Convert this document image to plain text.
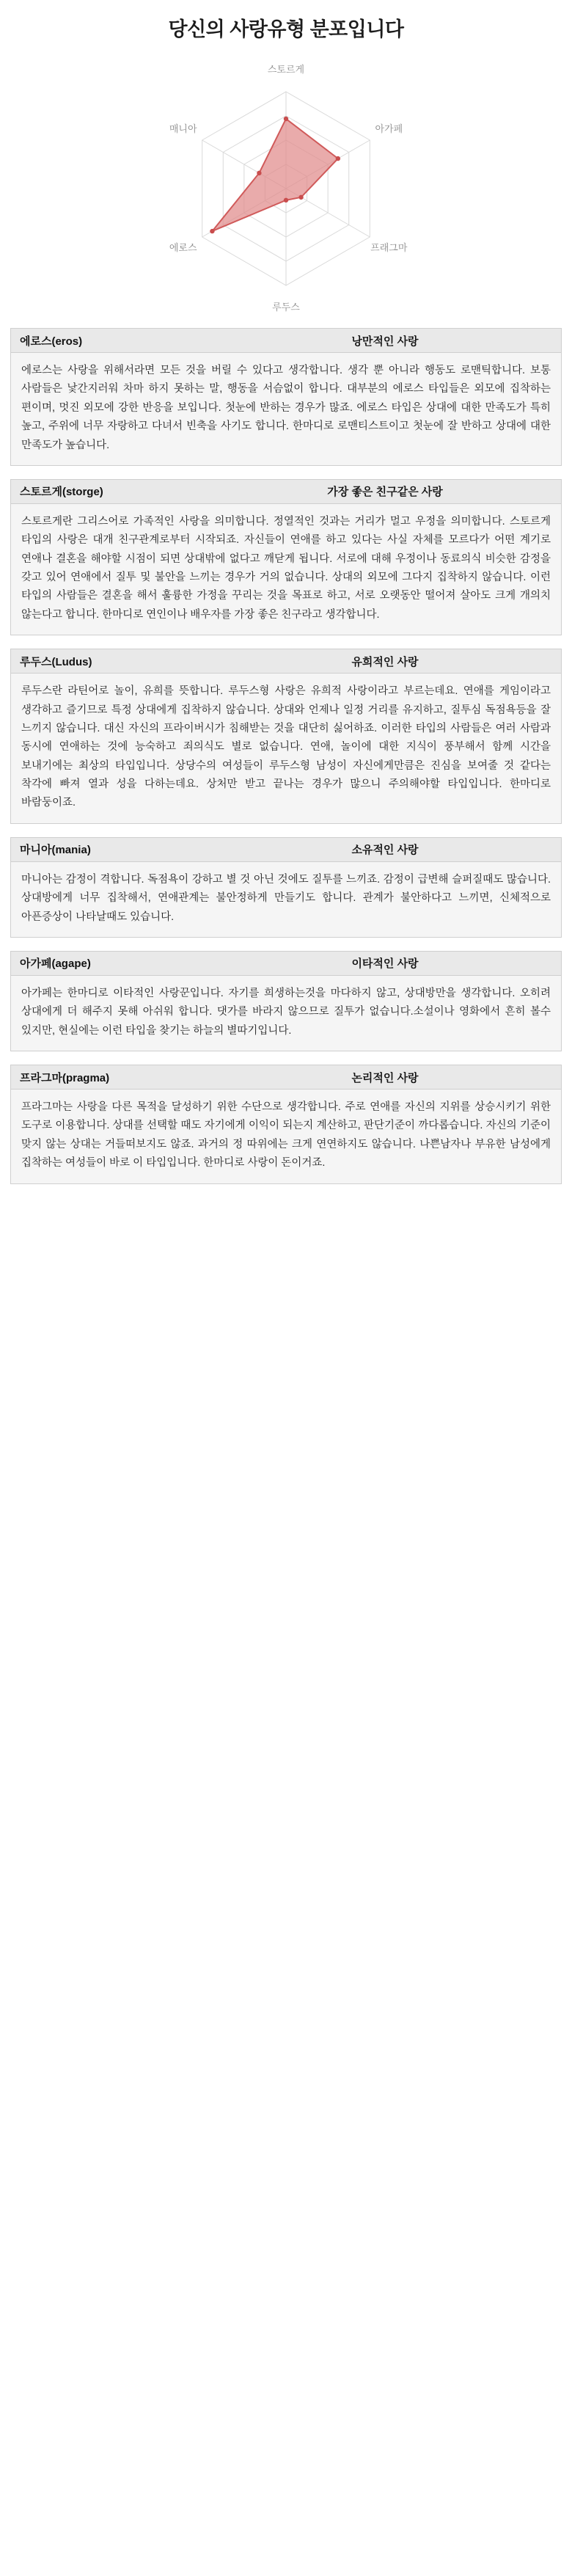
당신의 사랑유형 분포입니다
스토르게
아가페
프래그마
루두스
에로스
매니아
에로스(eros)	낭만적인 사랑
에로스는 사랑을 위해서라면 모든 것을 버릴 수 있다고 생각합니다. 생각 뿐 아니라 행동도 로맨틱합니다. 보통 사람들은 낯간지러워 차마 하지 못하는 말, 행동을 서슴없이 합니다. 대부분의 에로스 타입들은 외모에 집착하는 편이며, 멋진 외모에 강한 반응을 보입니다. 첫눈에 반하는 경우가 많죠. 에로스 타입은 상대에 대한 만족도가 특히 높고, 주위에 너무 자랑하고 다녀서 빈축을 사기도 합니다. 한마디로 로맨티스트이고 첫눈에 잘 반하고 상대에 대한 만족도가 높습니다.
스토르게(storge)	가장 좋은 친구같은 사랑
스토르게란 그리스어로 가족적인 사랑을 의미합니다. 정열적인 것과는 거리가 멀고 우정을 의미합니다. 스토르게 타입의 사랑은 대개 친구관계로부터 시작되죠. 자신들이 연애를 하고 있다는 사실 자체를 모르다가 어떤 계기로 연애나 결혼을 해야할 시점이 되면 상대밖에 없다고 깨닫게 됩니다. 서로에 대해 우정이나 동료의식 비슷한 감정을 갖고 있어 연애에서 질투 및 불안을 느끼는 경우가 거의 없습니다. 상대의 외모에 그다지 집착하지 않습니다. 이런 타입의 사람들은 결혼을 해서 훌륭한 가정을 꾸리는 것을 목표로 하고, 서로 오랫동안 떨어져 살아도 크게 개의치 않는다고 합니다. 한마디로 연인이나 배우자를 가장 좋은 친구라고 생각합니다.
루두스(Ludus)	유희적인 사랑
루두스란 라틴어로 놀이, 유희를 뜻합니다. 루두스형 사랑은 유희적 사랑이라고 부르는데요. 연애를 게임이라고 생각하고 즐기므로 특정 상대에게 집착하지 않습니다. 상대와 언제나 일정 거리를 유지하고, 질투심 독점욕등을 잘 느끼지 않습니다. 대신 자신의 프라이버시가 침해받는 것을 대단히 싫어하죠. 이러한 타입의 사람들은 여러 사람과 동시에 연애하는 것에 능숙하고 죄의식도 별로 없습니다. 연애, 놀이에 대한 지식이 풍부해서 함께 시간을 보내기에는 최상의 타입입니다. 상당수의 여성들이 루두스형 남성이 자신에게만큼은 진심을 보여줄 것 같다는 착각에 빠져 열과 성을 다하는데요. 상처만 받고 끝나는 경우가 많으니 주의해야할 타입입니다. 한마디로 바람둥이죠.
마니아(mania)	소유적인 사랑
마니아는 감정이 격합니다. 독점욕이 강하고 별 것 아닌 것에도 질투를 느끼죠. 감정이 급변해 슬퍼질때도 많습니다. 상대방에게 너무 집착해서, 연애관계는 불안정하게 만들기도 합니다. 관계가 불안하다고 느끼면, 신체적으로 아픈증상이 나타날때도 있습니다.
아가페(agape)	이타적인 사랑
아가페는 한마디로 이타적인 사랑꾼입니다. 자기를 희생하는것을 마다하지 않고, 상대방만을 생각합니다. 오히려 상대에게 더 해주지 못해 아쉬워 합니다. 댓가를 바라지 않으므로 질투가 없습니다.소설이나 영화에서 흔히 볼수 있지만, 현실에는 이런 타입을 찾기는 하늘의 별따기입니다.
프라그마(pragma)	논리적인 사랑
프라그마는 사랑을 다른 목적을 달성하기 위한 수단으로 생각합니다. 주로 연애를 자신의 지위를 상승시키기 위한 도구로 이용합니다. 상대를 선택할 때도 자기에게 이익이 되는지 계산하고, 판단기준이 까다롭습니다. 자신의 기준이 맞지 않는 상대는 거들떠보지도 않죠. 과거의 정 따위에는 크게 연연하지도 않습니다. 나쁜남자나 부유한 남성에게 집착하는 여성들이 바로 이 타입입니다. 한마디로 사랑이 돈이거죠.
